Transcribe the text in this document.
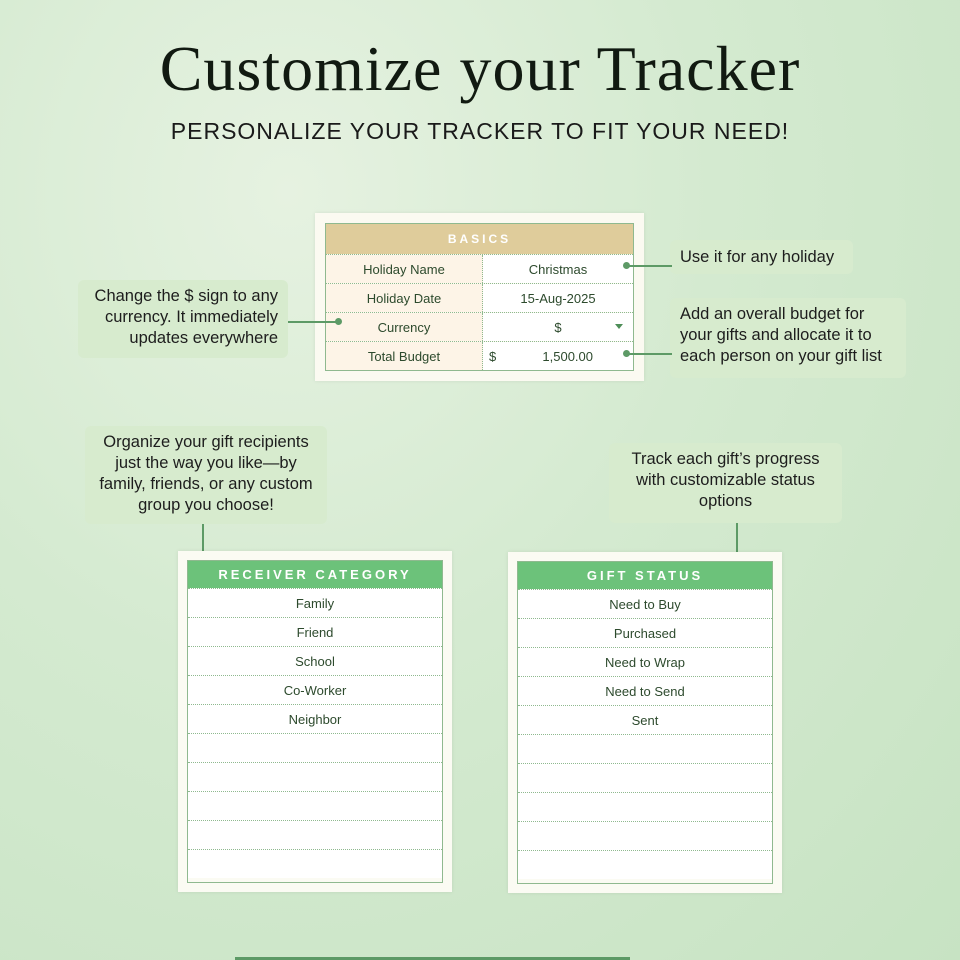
Customize your Tracker
PERSONALIZE YOUR TRACKER TO FIT YOUR NEED!
BASICS
Holiday Name	Christmas
Holiday Date	15-Aug-2025
Currency	$
Total Budget	$	1,500.00
Use it for any holiday
Change the $ sign to any
currency. It immediately
updates everywhere
Add an overall budget for
your gifts and allocate it to
each person on your gift list
Organize your gift recipients
just the way you like—by
family, friends, or any custom
group you choose!
Track each gift’s progress
with customizable status
options
RECEIVER CATEGORY
Family
Friend
School
Co-Worker
Neighbor
GIFT STATUS
Need to Buy
Purchased
Need to Wrap
Need to Send
Sent
